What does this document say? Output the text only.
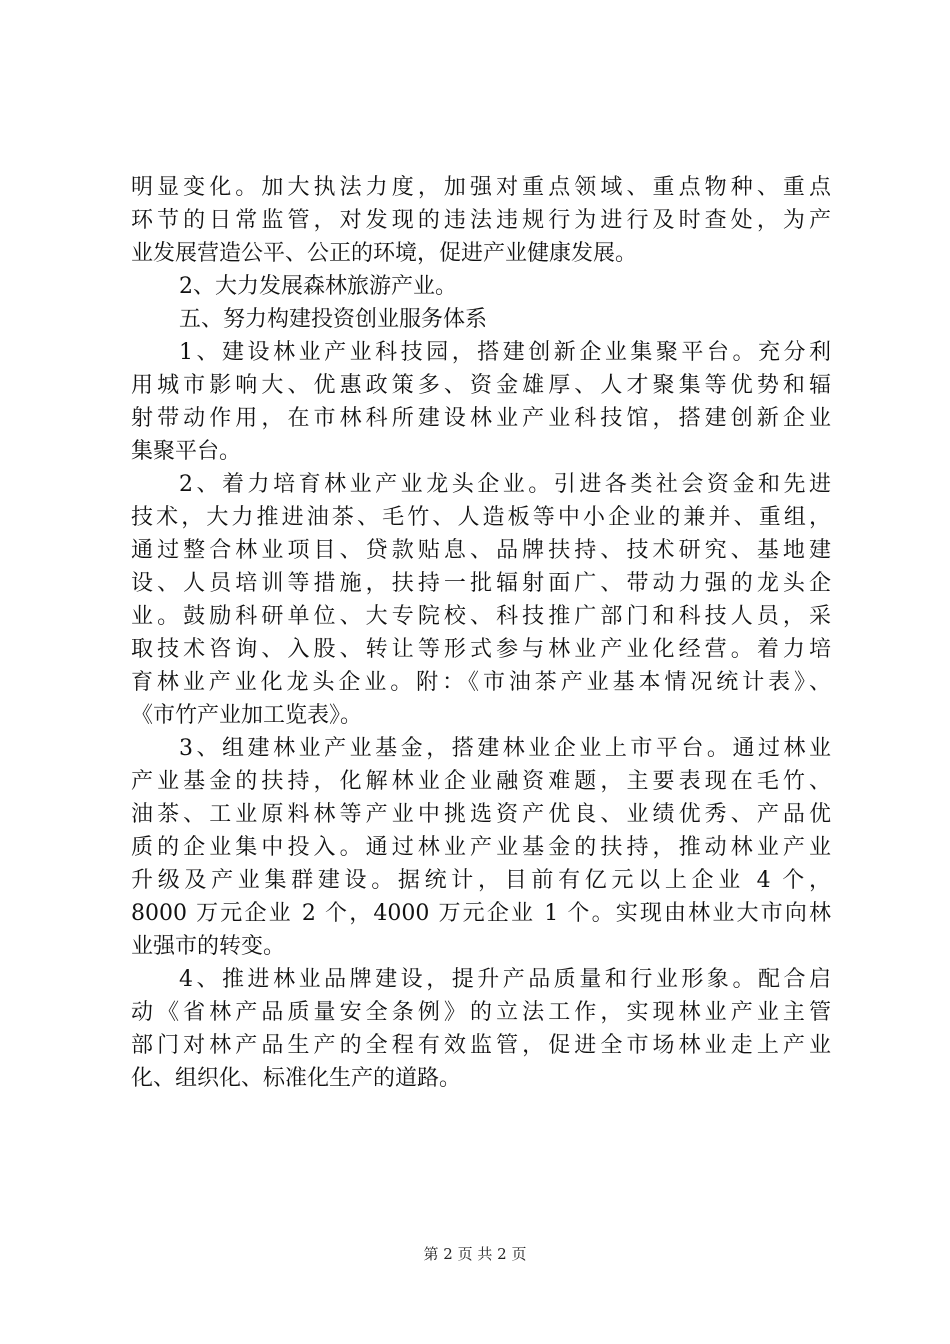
明显变化。加大执法力度，加强对重点领域、重点物种、重点
环节的日常监管，对发现的违法违规行为进行及时查处，为产
业发展营造公平、公正的环境，促进产业健康发展。
2、大力发展森林旅游产业。
五、努力构建投资创业服务体系
1、建设林业产业科技园，搭建创新企业集聚平台。充分利
用城市影响大、优惠政策多、资金雄厚、人才聚集等优势和辐
射带动作用，在市林科所建设林业产业科技馆，搭建创新企业
集聚平台。
2、着力培育林业产业龙头企业。引进各类社会资金和先进
技术，大力推进油茶、毛竹、人造板等中小企业的兼并、重组，
通过整合林业项目、贷款贴息、品牌扶持、技术研究、基地建
设、人员培训等措施，扶持一批辐射面广、带动力强的龙头企
业。鼓励科研单位、大专院校、科技推广部门和科技人员，采
取技术咨询、入股、转让等形式参与林业产业化经营。着力培
育林业产业化龙头企业。附：《市油茶产业基本情况统计表》、
《市竹产业加工览表》。
3、组建林业产业基金，搭建林业企业上市平台。通过林业
产业基金的扶持，化解林业企业融资难题，主要表现在毛竹、
油茶、工业原料林等产业中挑选资产优良、业绩优秀、产品优
质的企业集中投入。通过林业产业基金的扶持，推动林业产业
升级及产业集群建设。据统计，目前有亿元以上企业 4 个，
8000 万元企业 2 个，4000 万元企业 1 个。实现由林业大市向林
业强市的转变。
4、推进林业品牌建设，提升产品质量和行业形象。配合启
动《省林产品质量安全条例》的立法工作，实现林业产业主管
部门对林产品生产的全程有效监管，促进全市场林业走上产业
化、组织化、标准化生产的道路。
第 2 页 共 2 页
